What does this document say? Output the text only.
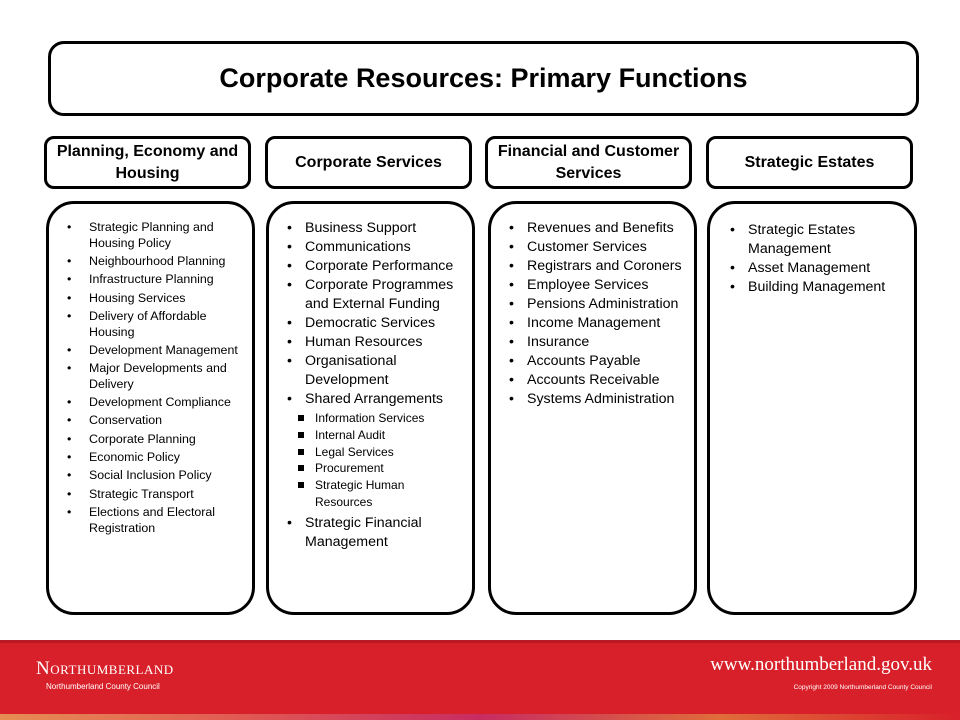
Corporate Resources: Primary Functions
Planning, Economy and Housing
Corporate Services
Financial and Customer Services
Strategic Estates
• Strategic Planning and Housing Policy
• Neighbourhood Planning
• Infrastructure Planning
• Housing Services
• Delivery of Affordable Housing
• Development Management
• Major Developments and Delivery
• Development Compliance
• Conservation
• Corporate Planning
• Economic Policy
• Social Inclusion Policy
• Strategic Transport
• Elections and Electoral Registration
• Business Support
• Communications
• Corporate Performance
• Corporate Programmes and External Funding
• Democratic Services
• Human Resources
• Organisational Development
• Shared Arrangements
Information Services
Internal Audit
Legal Services
Procurement
Strategic Human Resources
• Strategic Financial Management
• Revenues and Benefits
• Customer Services
• Registrars and Coroners
• Employee Services
• Pensions Administration
• Income Management
• Insurance
• Accounts Payable
• Accounts Receivable
• Systems Administration
• Strategic Estates Management
• Asset Management
• Building Management
Northumberland
Northumberland County Council
www.northumberland.gov.uk
Copyright 2009 Northumberland County Council
